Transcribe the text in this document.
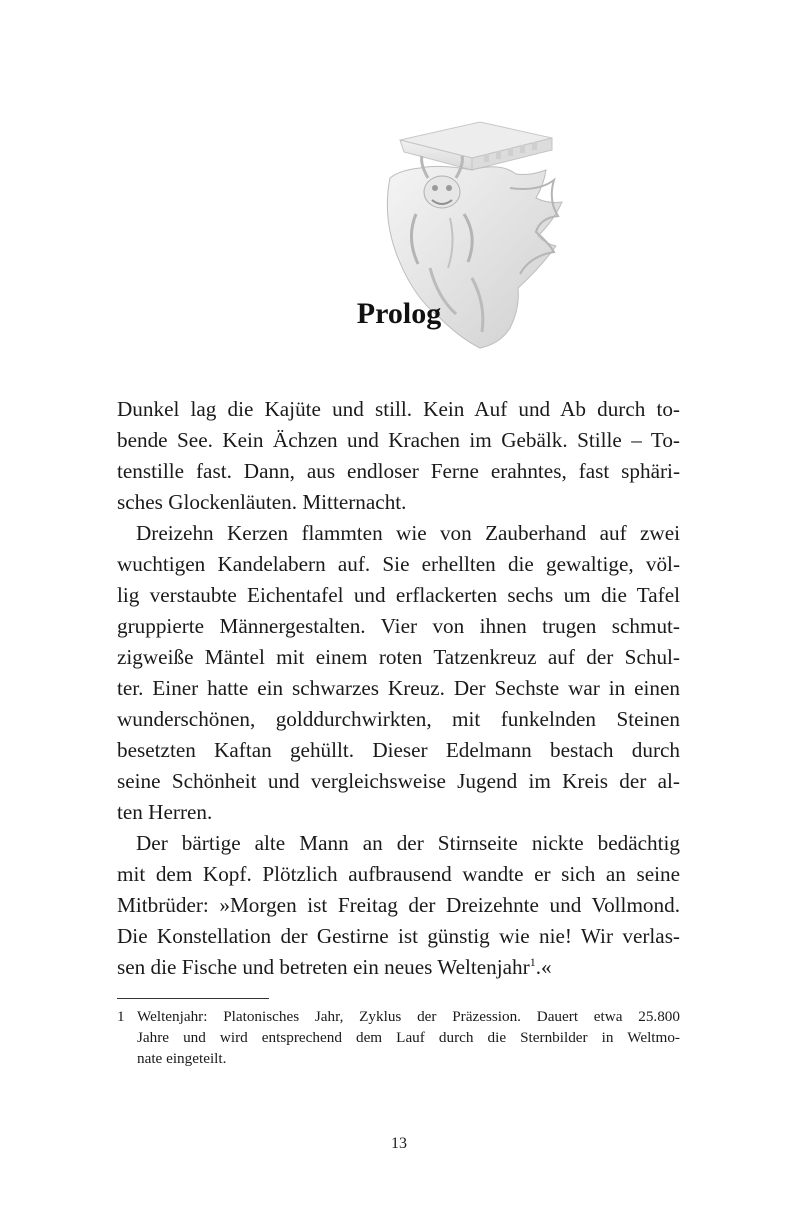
Prolog
Dunkel lag die Kajüte und still. Kein Auf und Ab durch to-
bende See. Kein Ächzen und Krachen im Gebälk. Stille – To-
tenstille fast. Dann, aus endloser Ferne erahntes, fast sphäri-
sches Glockenläuten. Mitternacht.
Dreizehn Kerzen flammten wie von Zauberhand auf zwei
wuchtigen Kandelabern auf. Sie erhellten die gewaltige, völ-
lig verstaubte Eichentafel und erflackerten sechs um die Tafel
gruppierte Männergestalten. Vier von ihnen trugen schmut-
zigweiße Mäntel mit einem roten Tatzenkreuz auf der Schul-
ter. Einer hatte ein schwarzes Kreuz. Der Sechste war in einen
wunderschönen, golddurchwirkten, mit funkelnden Steinen
besetzten Kaftan gehüllt. Dieser Edelmann bestach durch
seine Schönheit und vergleichsweise Jugend im Kreis der al-
ten Herren.
Der bärtige alte Mann an der Stirnseite nickte bedächtig
mit dem Kopf. Plötzlich aufbrausend wandte er sich an seine
Mitbrüder: »Morgen ist Freitag der Dreizehnte und Vollmond.
Die Konstellation der Gestirne ist günstig wie nie! Wir verlas-
sen die Fische und betreten ein neues Weltenjahr$^1$.«
1 Weltenjahr: Platonisches Jahr, Zyklus der Präzession. Dauert etwa 25.800
Jahre und wird entsprechend dem Lauf durch die Sternbilder in Weltmo-
nate eingeteilt.
13
